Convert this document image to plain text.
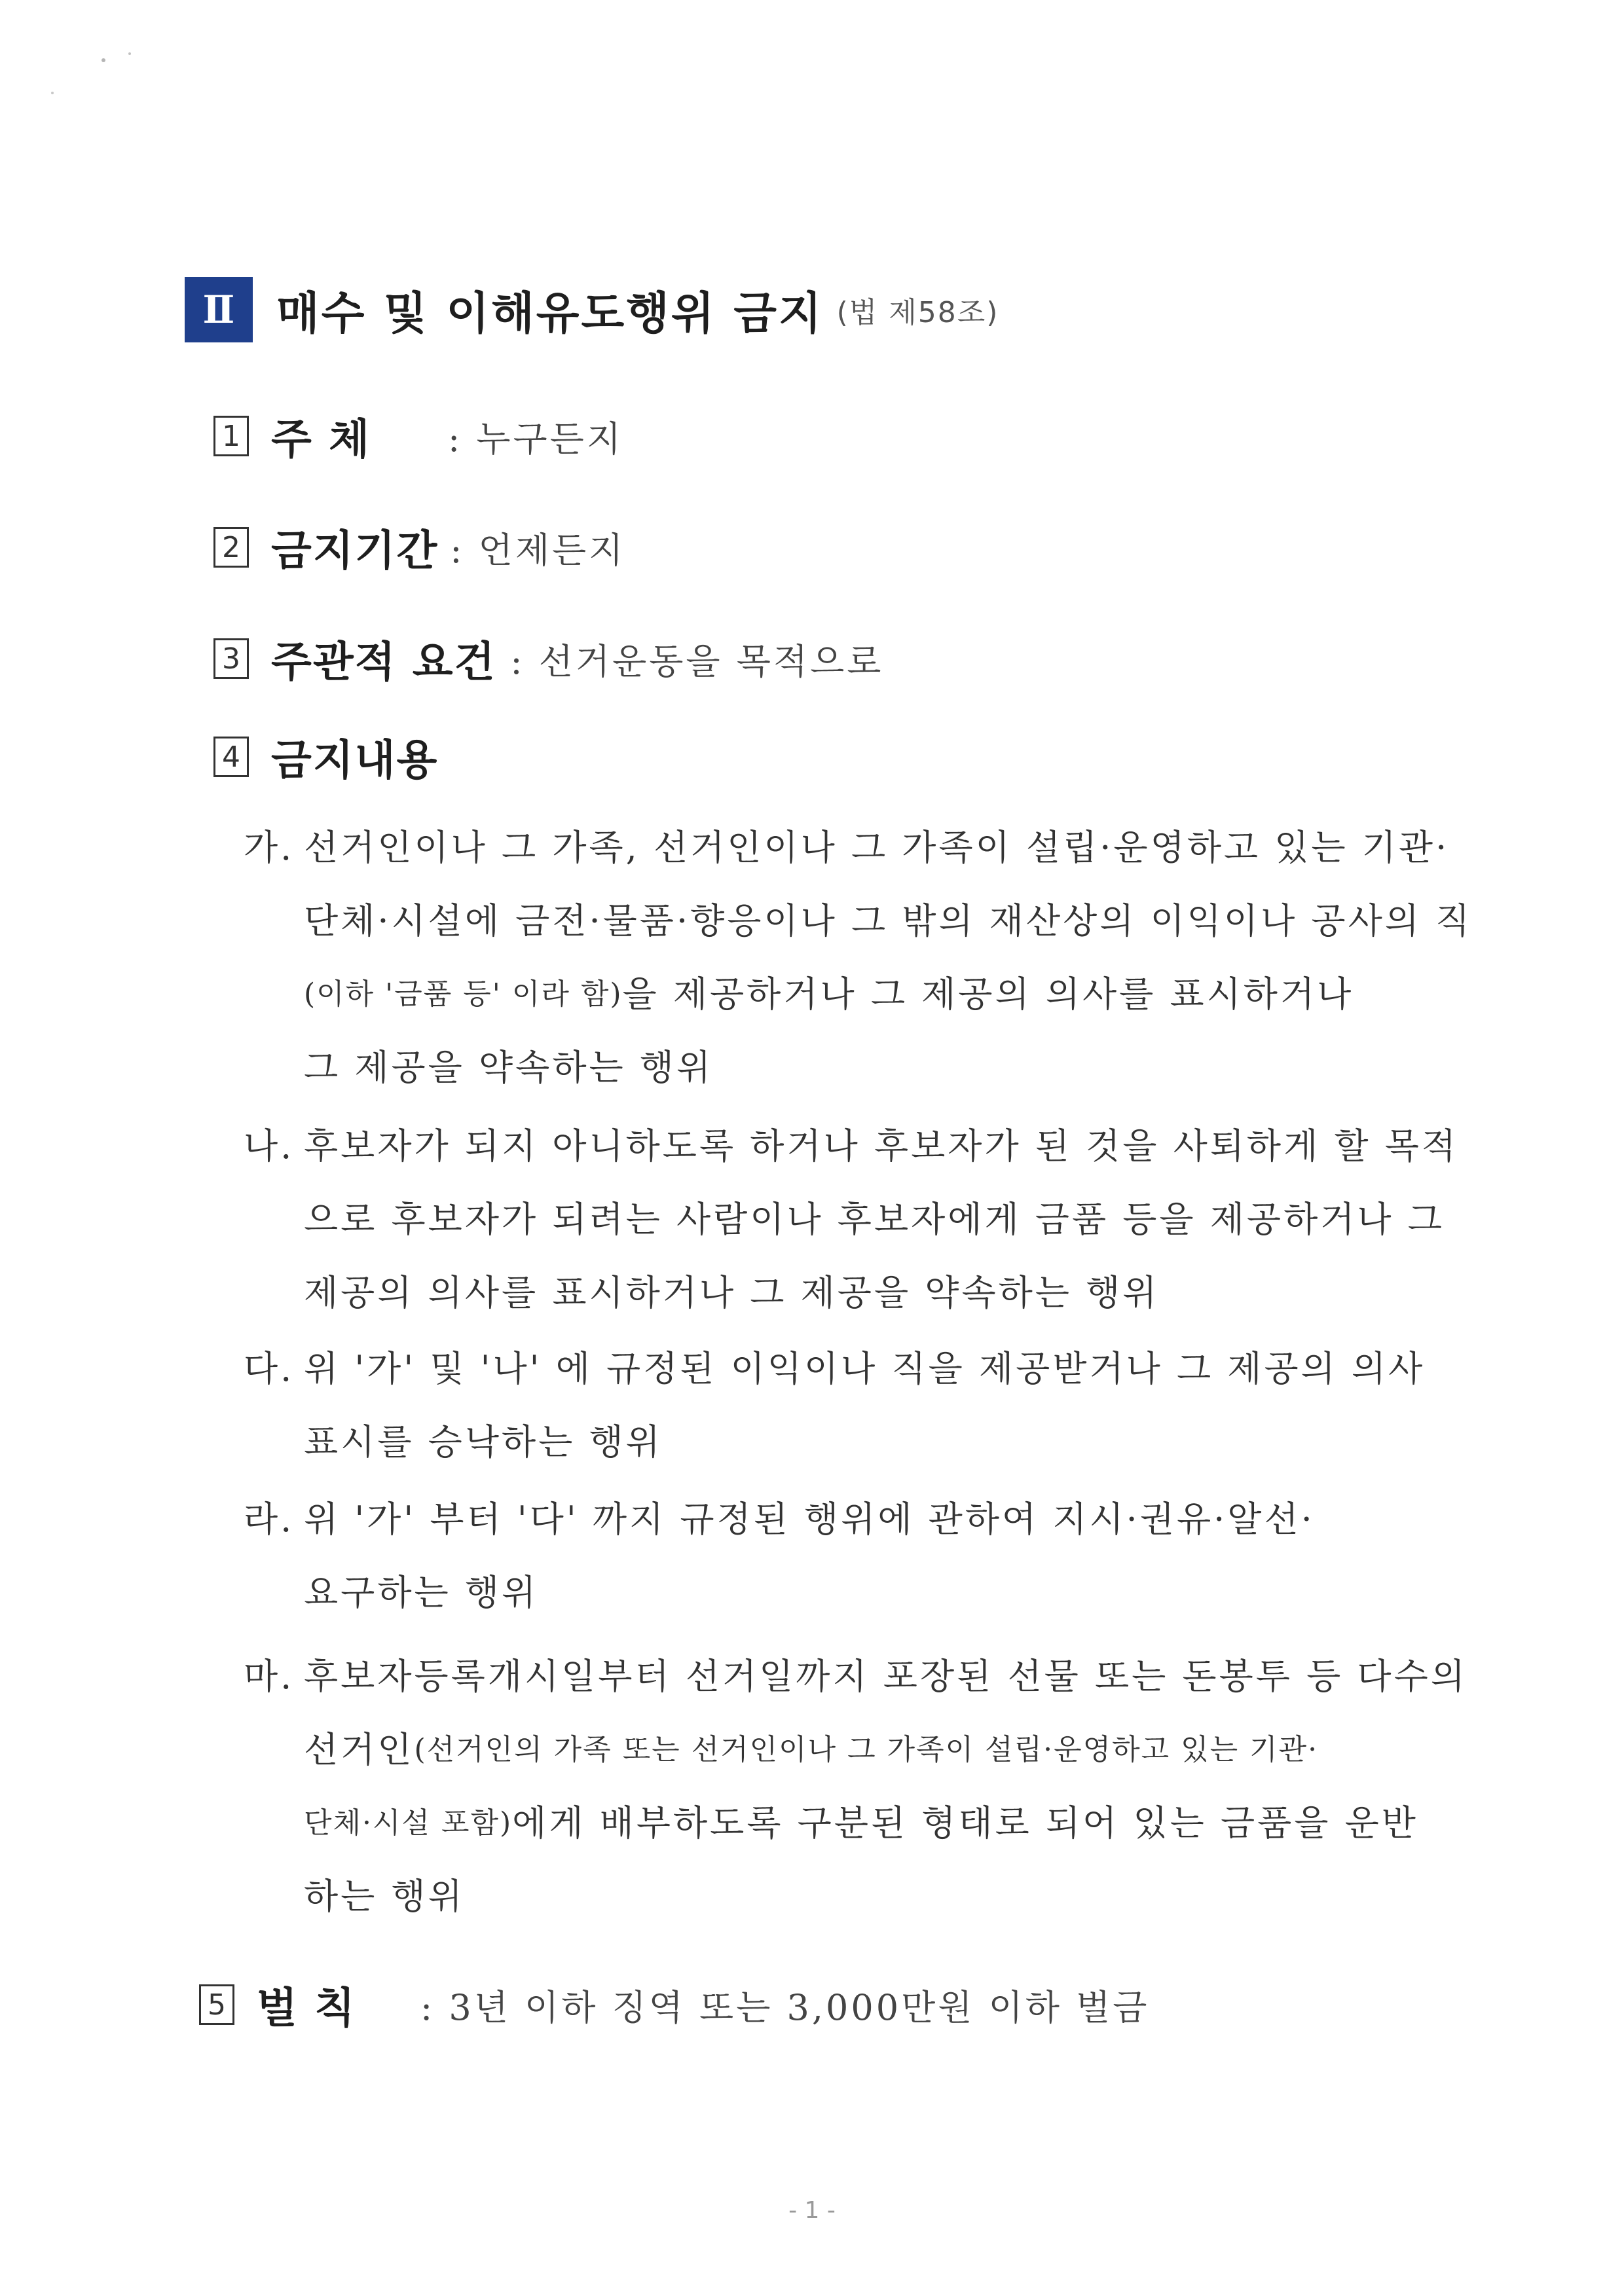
Ⅱ 매수 및 이해유도행위 금지 (법 제58조)
1 주 체	: 누구든지
2 금지기간 : 언제든지
3 주관적 요건 : 선거운동을 목적으로
4 금지내용
가. 선거인이나 그 가족, 선거인이나 그 가족이 설립·운영하고 있는 기관·
단체·시설에 금전·물품·향응이나 그 밖의 재산상의 이익이나 공사의 직
(이하 '금품 등' 이라 함) 을 제공하거나 그 제공의 의사를 표시하거나
그 제공을 약속하는 행위
나. 후보자가 되지 아니하도록 하거나 후보자가 된 것을 사퇴하게 할 목적
으로 후보자가 되려는 사람이나 후보자에게 금품 등을 제공하거나 그
제공의 의사를 표시하거나 그 제공을 약속하는 행위
다. 위 '가' 및 '나' 에 규정된 이익이나 직을 제공받거나 그 제공의 의사
표시를 승낙하는 행위
라. 위 '가' 부터 '다' 까지 규정된 행위에 관하여 지시·권유·알선·
요구하는 행위
마. 후보자등록개시일부터 선거일까지 포장된 선물 또는 돈봉투 등 다수의
선거인 (선거인의 가족 또는 선거인이나 그 가족이 설립·운영하고 있는 기관·
단체·시설 포함) 에게 배부하도록 구분된 형태로 되어 있는 금품을 운반
하는 행위
5 벌 칙	: 3년 이하 징역 또는 3,000만원 이하 벌금
- 1 -
